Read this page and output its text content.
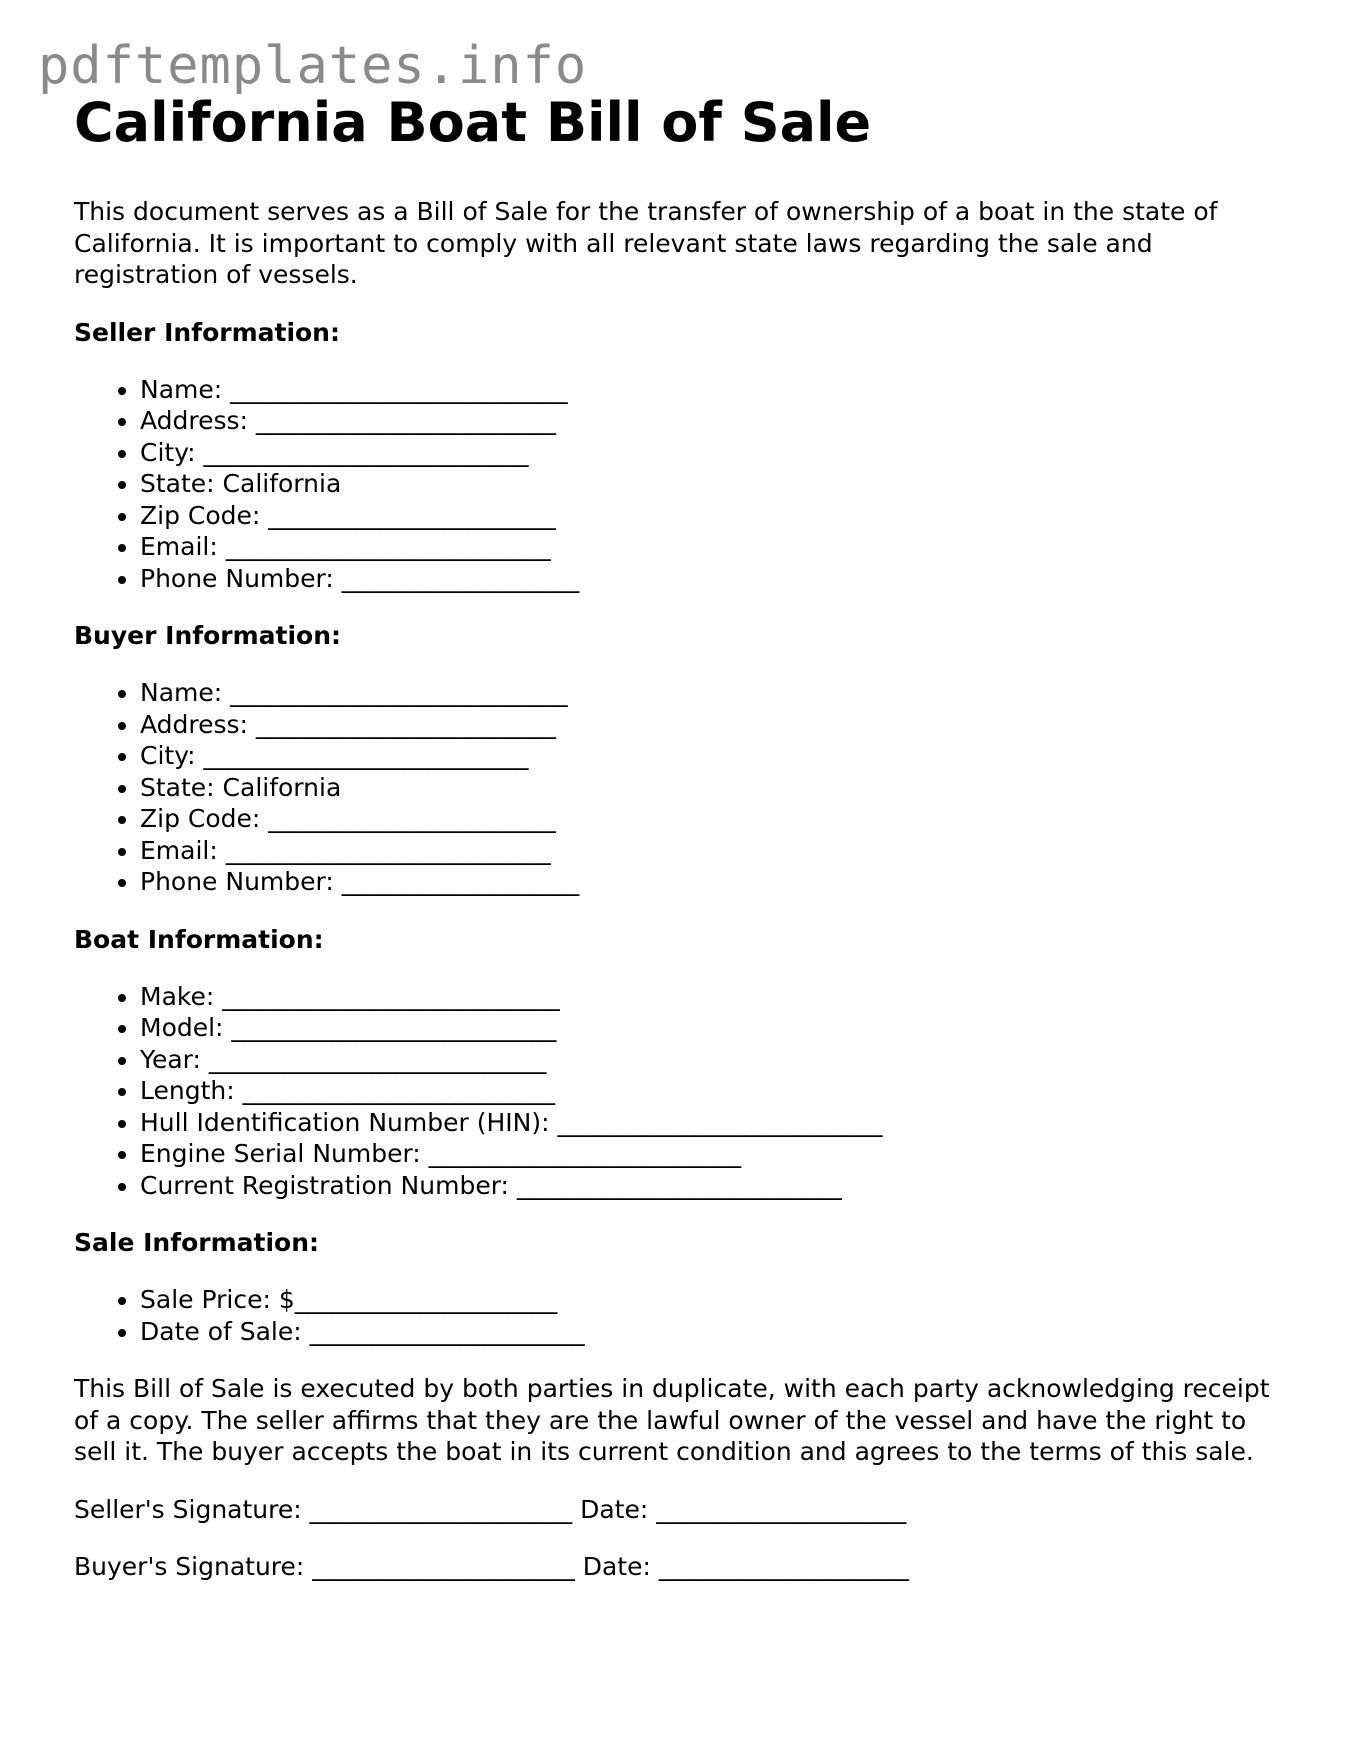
pdftemplates.info
California Boat Bill of Sale

This document serves as a Bill of Sale for the transfer of ownership of a boat in the state of California. It is important to comply with all relevant state laws regarding the sale and registration of vessels.

Seller Information:
• Name: ___________________________
• Address: ________________________
• City: __________________________
• State: California
• Zip Code: _______________________
• Email: __________________________
• Phone Number: ___________________
Buyer Information:
• Name: ___________________________
• Address: ________________________
• City: __________________________
• State: California
• Zip Code: _______________________
• Email: __________________________
• Phone Number: ___________________
Boat Information:
• Make: ___________________________
• Model: __________________________
• Year: ___________________________
• Length: _________________________
• Hull Identification Number (HIN): __________________________
• Engine Serial Number: _________________________
• Current Registration Number: __________________________
Sale Information:
• Sale Price: $_____________________
• Date of Sale: ______________________

This Bill of Sale is executed by both parties in duplicate, with each party acknowledging receipt of a copy. The seller affirms that they are the lawful owner of the vessel and have the right to sell it. The buyer accepts the boat in its current condition and agrees to the terms of this sale.

Seller's Signature: _____________________ Date: ____________________

Buyer's Signature: _____________________ Date: ____________________
